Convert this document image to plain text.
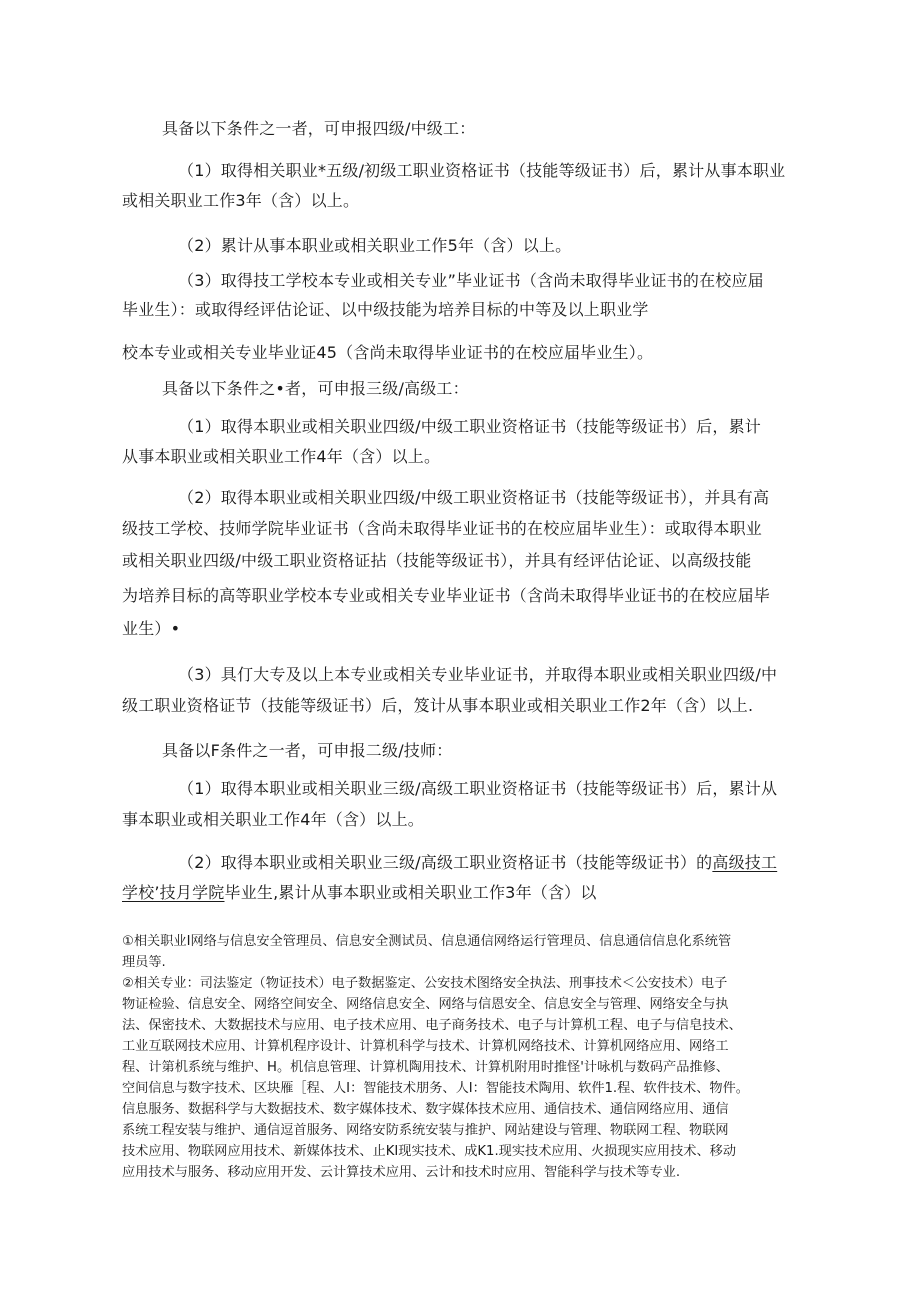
具备以下条件之一者，可申报四级/中级工：
（1）取得相关职业*五级/初级工职业资格证书（技能等级证书）后，累计从事本职业
或相关职业工作3年（含）以上。
（2）累计从事本职业或相关职业工作5年（含）以上。
（3）取得技工学校本专业或相关专业”毕业证书（含尚未取得毕业证书的在校应届
毕业生）：或取得经评估论证、以中级技能为培养目标的中等及以上职业学
校本专业或相关专业毕业证45（含尚未取得毕业证书的在校应届毕业生）。
具备以下条件之•者，可申报三级/高级工：
（1）取得本职业或相关职业四级/中级工职业资格证书（技能等级证书）后，累计
从事本职业或相关职业工作4年（含）以上。
（2）取得本职业或相关职业四级/中级工职业资格证书（技能等级证书），并具有高
级技工学校、技师学院毕业证书（含尚未取得毕业证书的在校应届毕业生）：或取得本职业
或相关职业四级/中级工职业资格证拈（技能等级证书），并具有经评估论证、以高级技能
为培养目标的高等职业学校本专业或相关专业毕业证书（含尚未取得毕业证书的在校应届毕
业生）•
（3）具仃大专及以上本专业或相关专业毕业证书，并取得本职业或相关职业四级/中
级工职业资格证节（技能等级证书）后，笈计从事本职业或相关职业工作2年（含）以上.
具备以F条件之一者，可申报二级/技师：
（1）取得本职业或相关职业三级/高级工职业资格证书（技能等级证书）后，累计从
事本职业或相关职业工作4年（含）以上。
（2）取得本职业或相关职业三级/高级工职业资格证书（技能等级证书）的高级技工
学校’技月学院毕业生,累计从事本职业或相关职业工作3年（含）以
①相关职业I网络与信息安全管理员、信息安全测试员、信息通信网络运行管理员、信息通信信息化系统管
理员等.
②相关专业：司法鉴定（物证技术）电子数据鉴定、公安技术图络安全执法、刑事技术＜公安技术）电子
物证检验、信息安全、网络空间安全、网络信息安全、网络与信恩安全、信息安全与管理、网络安全与执
法、保密技术、大数据技术与应用、电子技术应用、电子商务技术、电子与计算机工程、电子与信皂技术、
工业互联网技术应用、计算机程序设计、计算机科学与技术、计算机网络技术、计算机网络应用、网络工
程、计第机系统与维护、H。机信息管理、计算机陶用技术、计算机附用时推怪'计咏机与数码产品推修、
空间信息与数字技术、区块雁［程、人I：智能技术朋务、人I：智能技术陶用、软件1.程、软件技术、物件。
信息服务、数据科学与大数据技术、数字媒体技术、数字媒体技术应用、通信技术、通信网络应用、通信
系统工程安装与维护、通信逗首服务、网络安防系统安装与推护、网站建设与管理、物联网工程、物联网
技术应用、物联网应用技术、新媒体技术、止KI现实技术、成K1.现实技术应用、火损现实应用技术、移动
应用技术与服务、移动应用开发、云计算技术应用、云计和技术时应用、智能科学与技术等专业.
